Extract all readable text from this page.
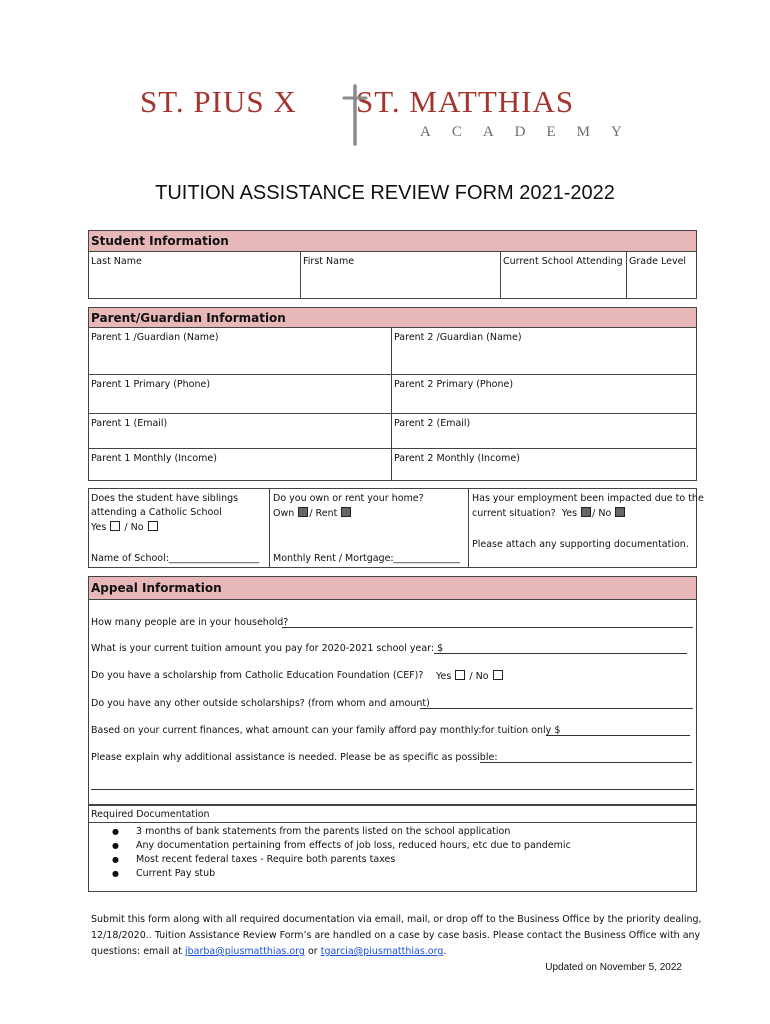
ST. PIUS X ST. MATTHIAS
ACADEMY
TUITION ASSISTANCE REVIEW FORM 2021-2022
Student Information
Last Name	First Name	Current School Attending Grade Level
Parent/Guardian Information
Parent 1 /Guardian (Name)	Parent 2 /Guardian (Name)
Parent 1 Primary (Phone)	Parent 2 Primary (Phone)
Parent 1 (Email)	Parent 2 (Email)
Parent 1 Monthly (Income)	Parent 2 Monthly (Income)
Does the student have siblings
attending a Catholic School
Yes  / No
Name of School:___________________
Do you own or rent your home?
Own / Rent
Monthly Rent / Mortgage:______________
Has your employment been impacted due to the
current situation? Yes / No
Please attach any supporting documentation.
Appeal Information
How many people are in your household?
What is your current tuition amount you pay for 2020-2021 school year: $
Do you have a scholarship from Catholic Education Foundation (CEF)? Yes  / No
Do you have any other outside scholarships? (from whom and amount)
Based on your current finances, what amount can your family afford pay monthly:for tuition only $
Please explain why additional assistance is needed. Please be as specific as possible:
Required Documentation
● 3 months of bank statements from the parents listed on the school application
● Any documentation pertaining from effects of job loss, reduced hours, etc due to pandemic
● Most recent federal taxes - Require both parents taxes
● Current Pay stub
Submit this form along with all required documentation via email, mail, or drop off to the Business Office by the priority dealing,
12/18/2020.. Tuition Assistance Review Form’s are handled on a case by case basis. Please contact the Business Office with any
questions: email at jbarba@piusmatthias.org or tgarcia@piusmatthias.org.
Updated on November 5, 2022
